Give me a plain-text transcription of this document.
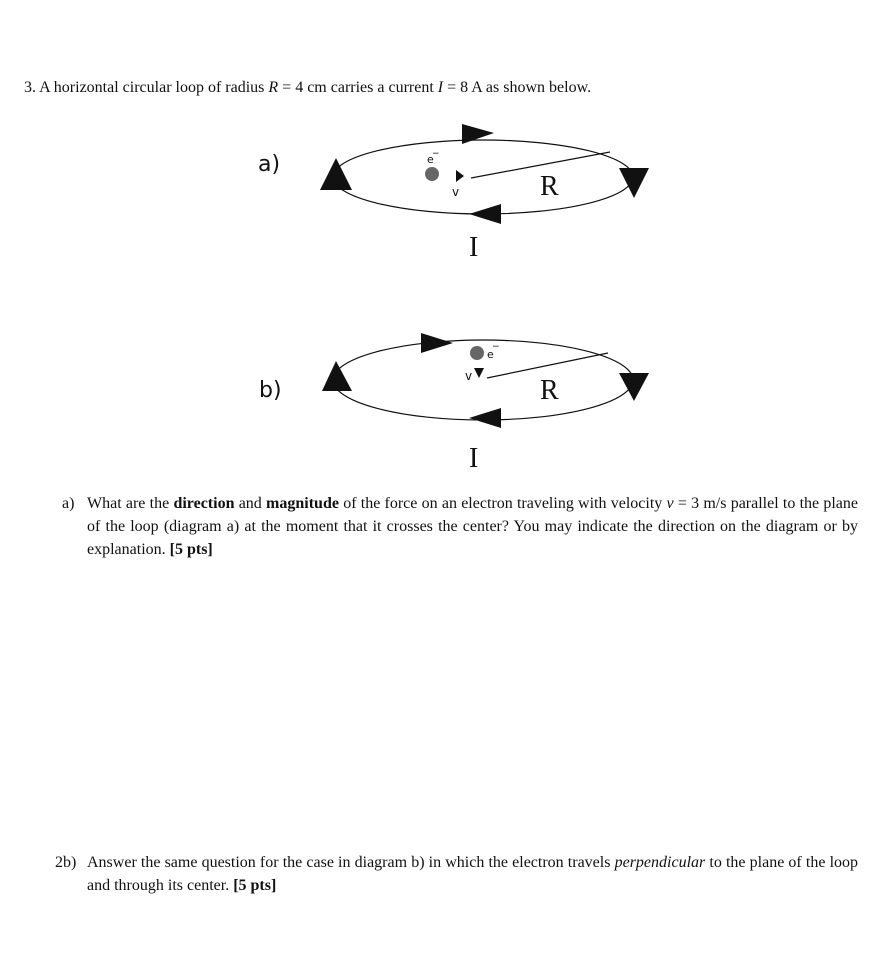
3. A horizontal circular loop of radius R = 4 cm carries a current I = 8 A as shown below.
a)	e
−
v	R
I
b)
e
−
v R
I
a) What are the direction and magnitude of the force on an electron traveling with velocity v = 3 m/s parallel to the plane of the loop (diagram a) at the moment that it crosses the center? You may indicate the direction on the diagram or by explanation. [5 pts]
2b) Answer the same question for the case in diagram b) in which the electron travels perpendicular to the plane of the loop and through its center. [5 pts]
